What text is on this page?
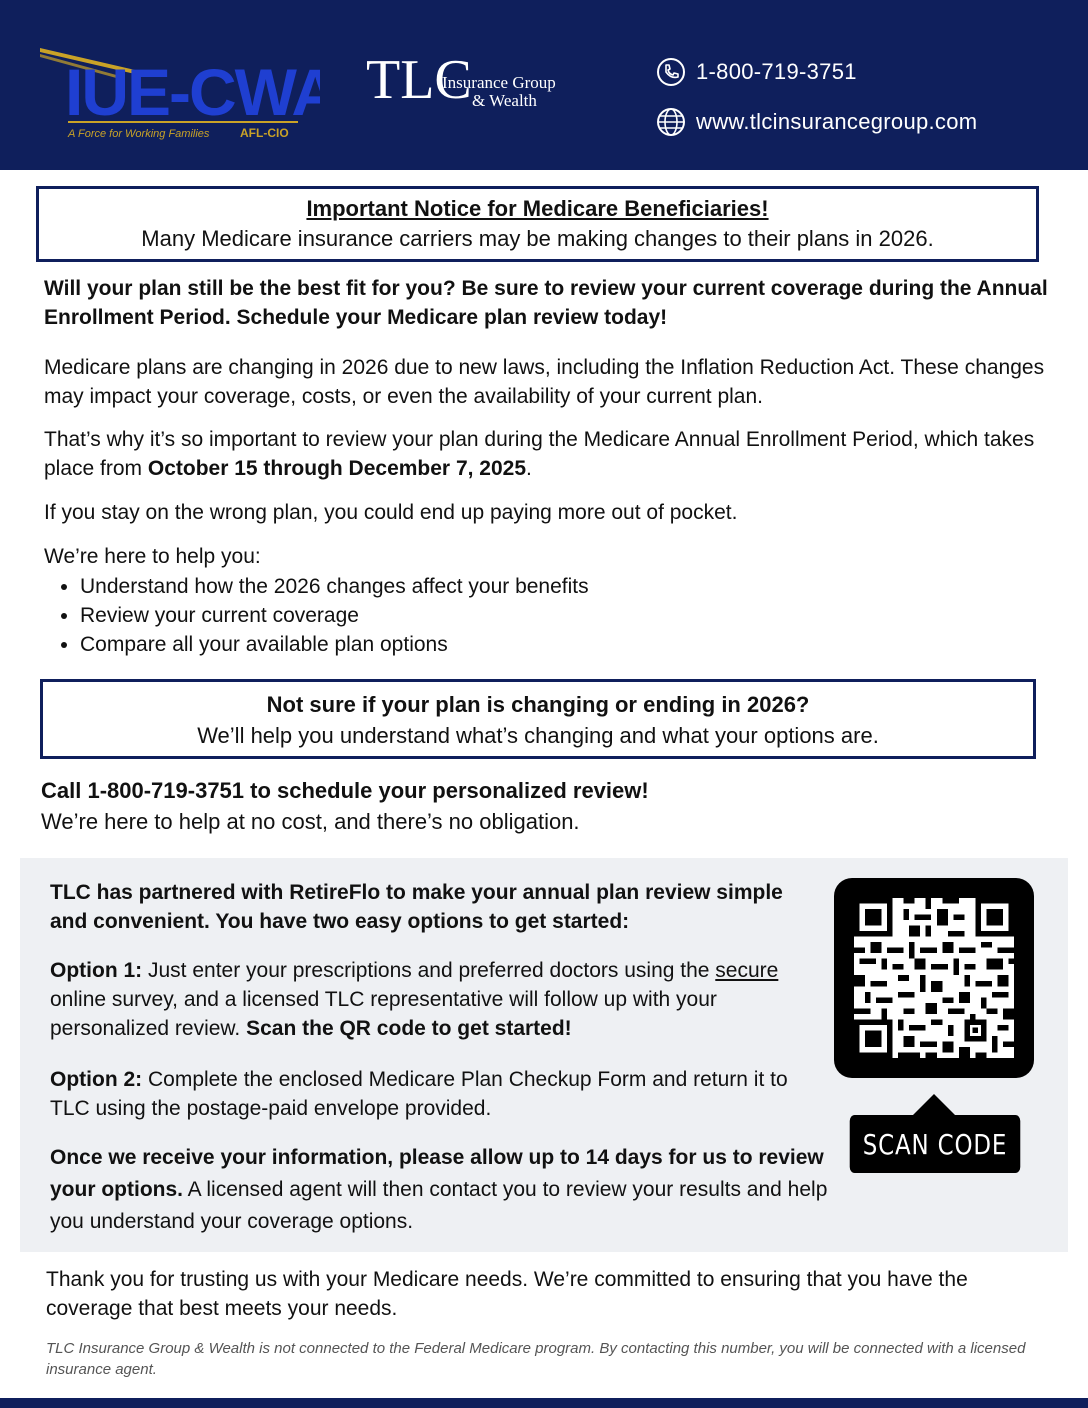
IUE-CWA
A Force for Working Families	AFL-CIO
TLC
Insurance Group
& Wealth
1-800-719-3751
www.tlcinsurancegroup.com
Important Notice for Medicare Beneficiaries!
Many Medicare insurance carriers may be making changes to their plans in 2026.

Will your plan still be the best fit for you? Be sure to review your current coverage during the Annual Enrollment Period. Schedule your Medicare plan review today!

Medicare plans are changing in 2026 due to new laws, including the Inflation Reduction Act. These changes may impact your coverage, costs, or even the availability of your current plan.

That’s why it’s so important to review your plan during the Medicare Annual Enrollment Period, which takes place from October 15 through December 7, 2025.

If you stay on the wrong plan, you could end up paying more out of pocket.

We’re here to help you:

• Understand how the 2026 changes affect your benefits
• Review your current coverage
• Compare all your available plan options
Not sure if your plan is changing or ending in 2026?
We’ll help you understand what’s changing and what your options are.

Call 1-800-719-3751 to schedule your personalized review!

We’re here to help at no cost, and there’s no obligation.

TLC has partnered with RetireFlo to make your annual plan review simple and convenient. You have two easy options to get started:

Option 1: Just enter your prescriptions and preferred doctors using the secure online survey, and a licensed TLC representative will follow up with your personalized review. Scan the QR code to get started!

Option 2: Complete the enclosed Medicare Plan Checkup Form and return it to TLC using the postage-paid envelope provided.

Once we receive your information, please allow up to 14 days for us to review your options. A licensed agent will then contact you to review your results and help you understand your coverage options.

SCAN CODE

Thank you for trusting us with your Medicare needs. We’re committed to ensuring that you have the coverage that best meets your needs.

TLC Insurance Group & Wealth is not connected to the Federal Medicare program. By contacting this number, you will be connected with a licensed insurance agent.
